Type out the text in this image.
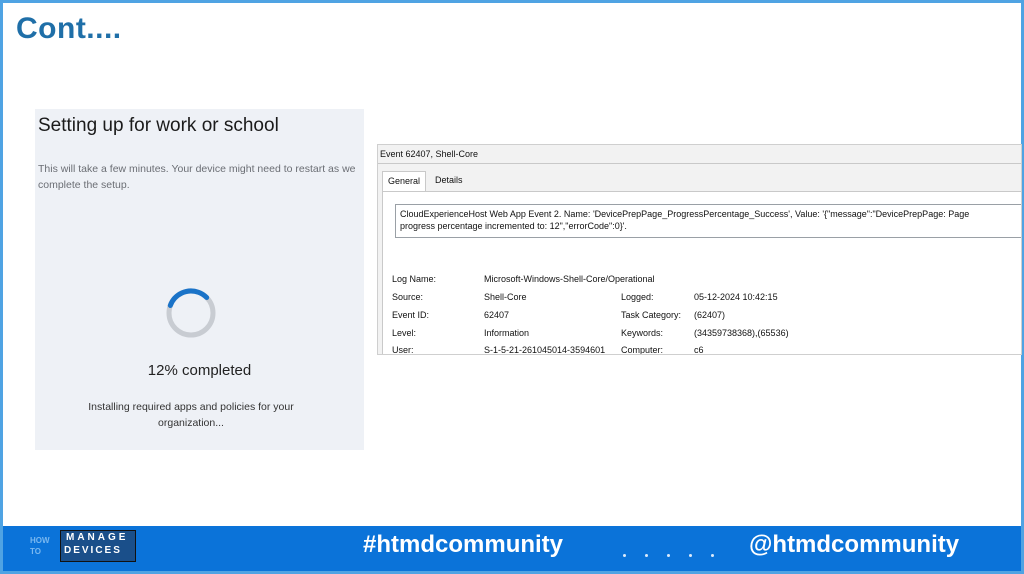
Cont....
Setting up for work or school
This will take a few minutes. Your device might need to restart as we complete the setup.
12% completed
Installing required apps and policies for your organization...
Event 62407, Shell-Core
General	Details
CloudExperienceHost Web App Event 2. Name: 'DevicePrepPage_ProgressPercentage_Success', Value: '{"message":"DevicePrepPage: Page
progress percentage incremented to: 12","errorCode":0}'.
Log Name:	Microsoft-Windows-Shell-Core/Operational
Source:	Shell-Core	Logged:	05-12-2024 10:42:15
Event ID:	62407	Task Category: (62407)
Level:	Information	Keywords:	(34359738368),(65536)
User:	S-1-5-21-261045014-3594601 Computer:	c6
HOW
TO
MANAGE
DEVICES	#htmdcommunity	@htmdcommunity
